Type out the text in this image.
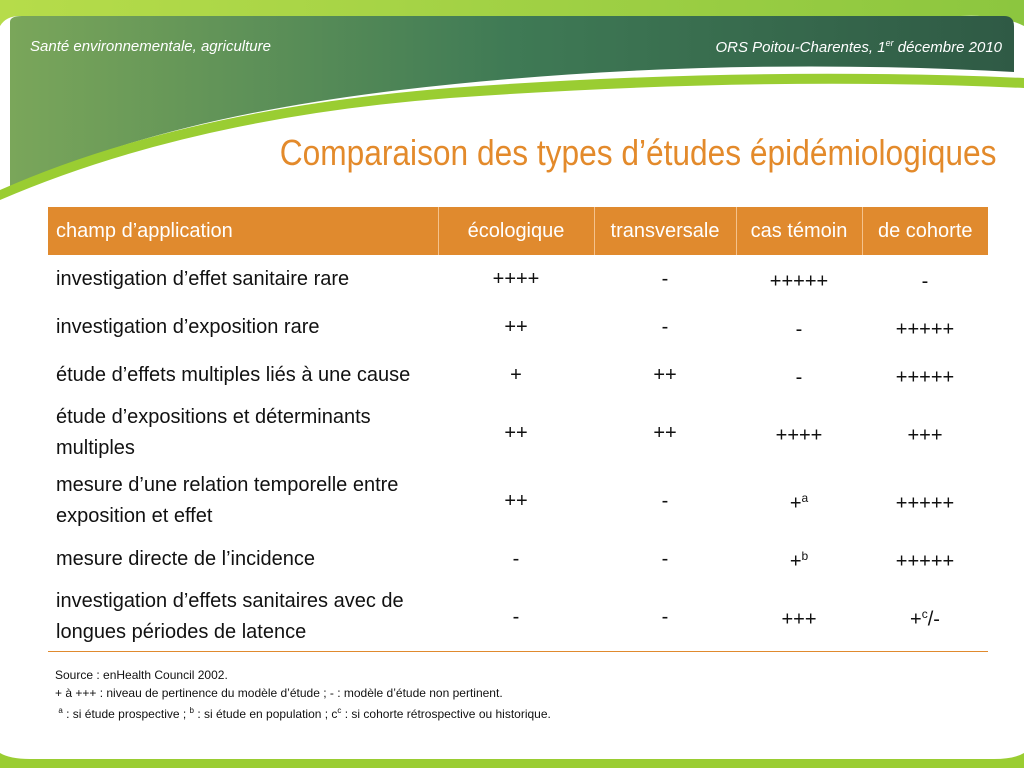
Santé environnementale, agriculture	ORS Poitou-Charentes, 1er décembre 2010
Comparaison des types d’études épidémiologiques
champ d’application	écologique	transversale	cas témoin	de cohorte
investigation d’effet sanitaire rare	++++	-	+++++	-
investigation d’exposition rare	++	-	-	+++++
étude d’effets multiples liés à une cause	+	++	-	+++++
étude d’expositions et déterminants multiples	++	++	++++	+++
mesure d’une relation temporelle entre exposition et effet	++	-	+$^a$	+++++
mesure directe de l’incidence	-	-	+$^b$	+++++
investigation d’effets sanitaires avec de longues périodes de latence	-	-	+++	+$^c$/-
Source : enHealth Council 2002.
+ à +++ : niveau de pertinence du modèle d’étude ; - : modèle d’étude non pertinent.
$^a$ : si étude prospective ; $^b$ : si étude en population ; $c^c$ : si cohorte rétrospective ou historique.
